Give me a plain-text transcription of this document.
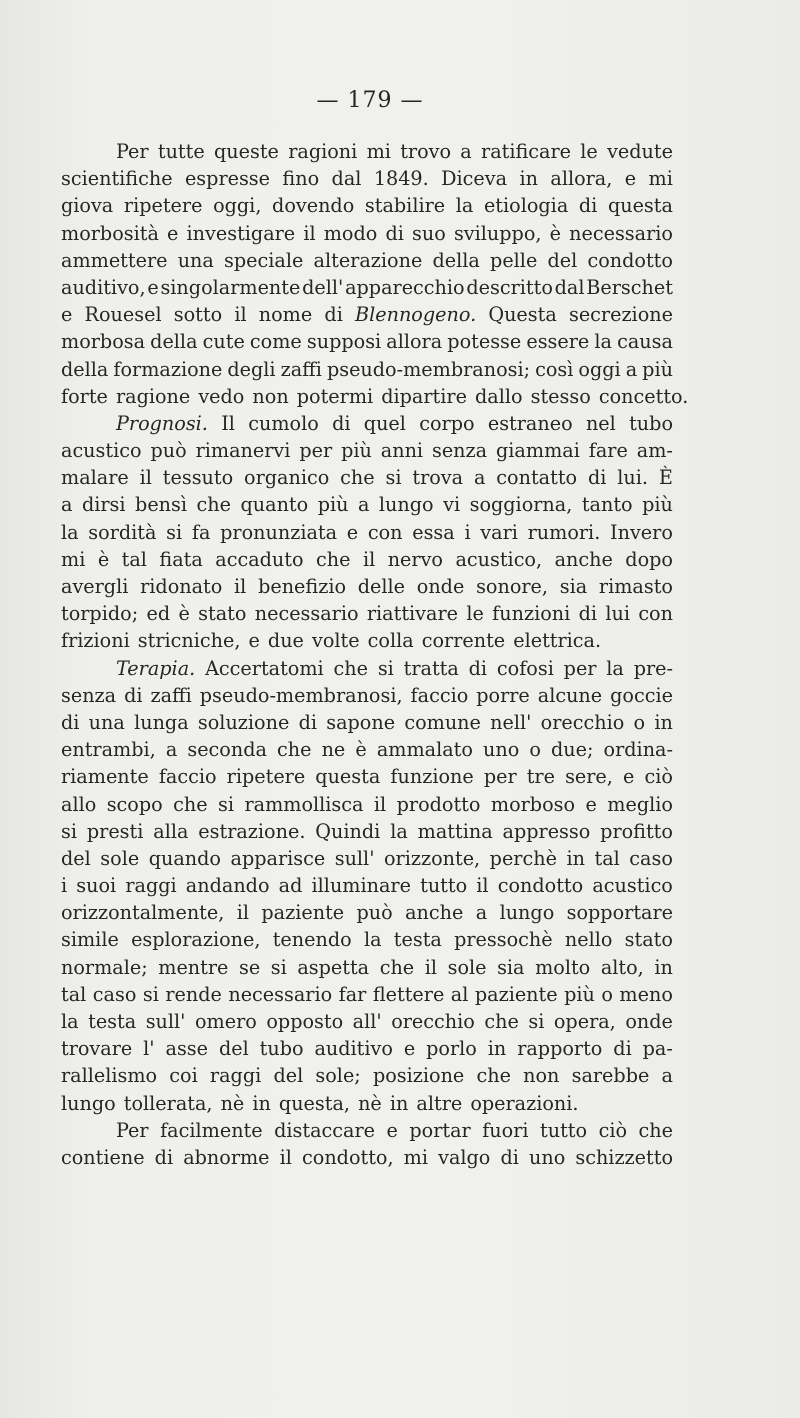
— 179 —
Per tutte queste ragioni mi trovo a ratificare le vedute
scientifiche espresse fino dal 1849. Diceva in allora, e mi
giova ripetere oggi, dovendo stabilire la etiologia di questa
morbosità e investigare il modo di suo sviluppo, è necessario
ammettere una speciale alterazione della pelle del condotto
auditivo, e singolarmente dell' apparecchio descritto dal Berschet
e Rouesel sotto il nome di Blennogeno. Questa secrezione
morbosa della cute come supposi allora potesse essere la causa
della formazione degli zaffi pseudo-membranosi; così oggi a più
forte ragione vedo non potermi dipartire dallo stesso concetto.
Prognosi. Il cumolo di quel corpo estraneo nel tubo
acustico può rimanervi per più anni senza giammai fare am-
malare il tessuto organico che si trova a contatto di lui. È
a dirsi bensì che quanto più a lungo vi soggiorna, tanto più
la sordità si fa pronunziata e con essa i vari rumori. Invero
mi è tal fiata accaduto che il nervo acustico, anche dopo
avergli ridonato il benefizio delle onde sonore, sia rimasto
torpido; ed è stato necessario riattivare le funzioni di lui con
frizioni stricniche, e due volte colla corrente elettrica.
Terapia. Accertatomi che si tratta di cofosi per la pre-
senza di zaffi pseudo-membranosi, faccio porre alcune goccie
di una lunga soluzione di sapone comune nell' orecchio o in
entrambi, a seconda che ne è ammalato uno o due; ordina-
riamente faccio ripetere questa funzione per tre sere, e ciò
allo scopo che si rammollisca il prodotto morboso e meglio
si presti alla estrazione. Quindi la mattina appresso profitto
del sole quando apparisce sull' orizzonte, perchè in tal caso
i suoi raggi andando ad illuminare tutto il condotto acustico
orizzontalmente, il paziente può anche a lungo sopportare
simile esplorazione, tenendo la testa pressochè nello stato
normale; mentre se si aspetta che il sole sia molto alto, in
tal caso si rende necessario far flettere al paziente più o meno
la testa sull' omero opposto all' orecchio che si opera, onde
trovare l' asse del tubo auditivo e porlo in rapporto di pa-
rallelismo coi raggi del sole; posizione che non sarebbe a
lungo tollerata, nè in questa, nè in altre operazioni.
Per facilmente distaccare e portar fuori tutto ciò che
contiene di abnorme il condotto, mi valgo di uno schizzetto
